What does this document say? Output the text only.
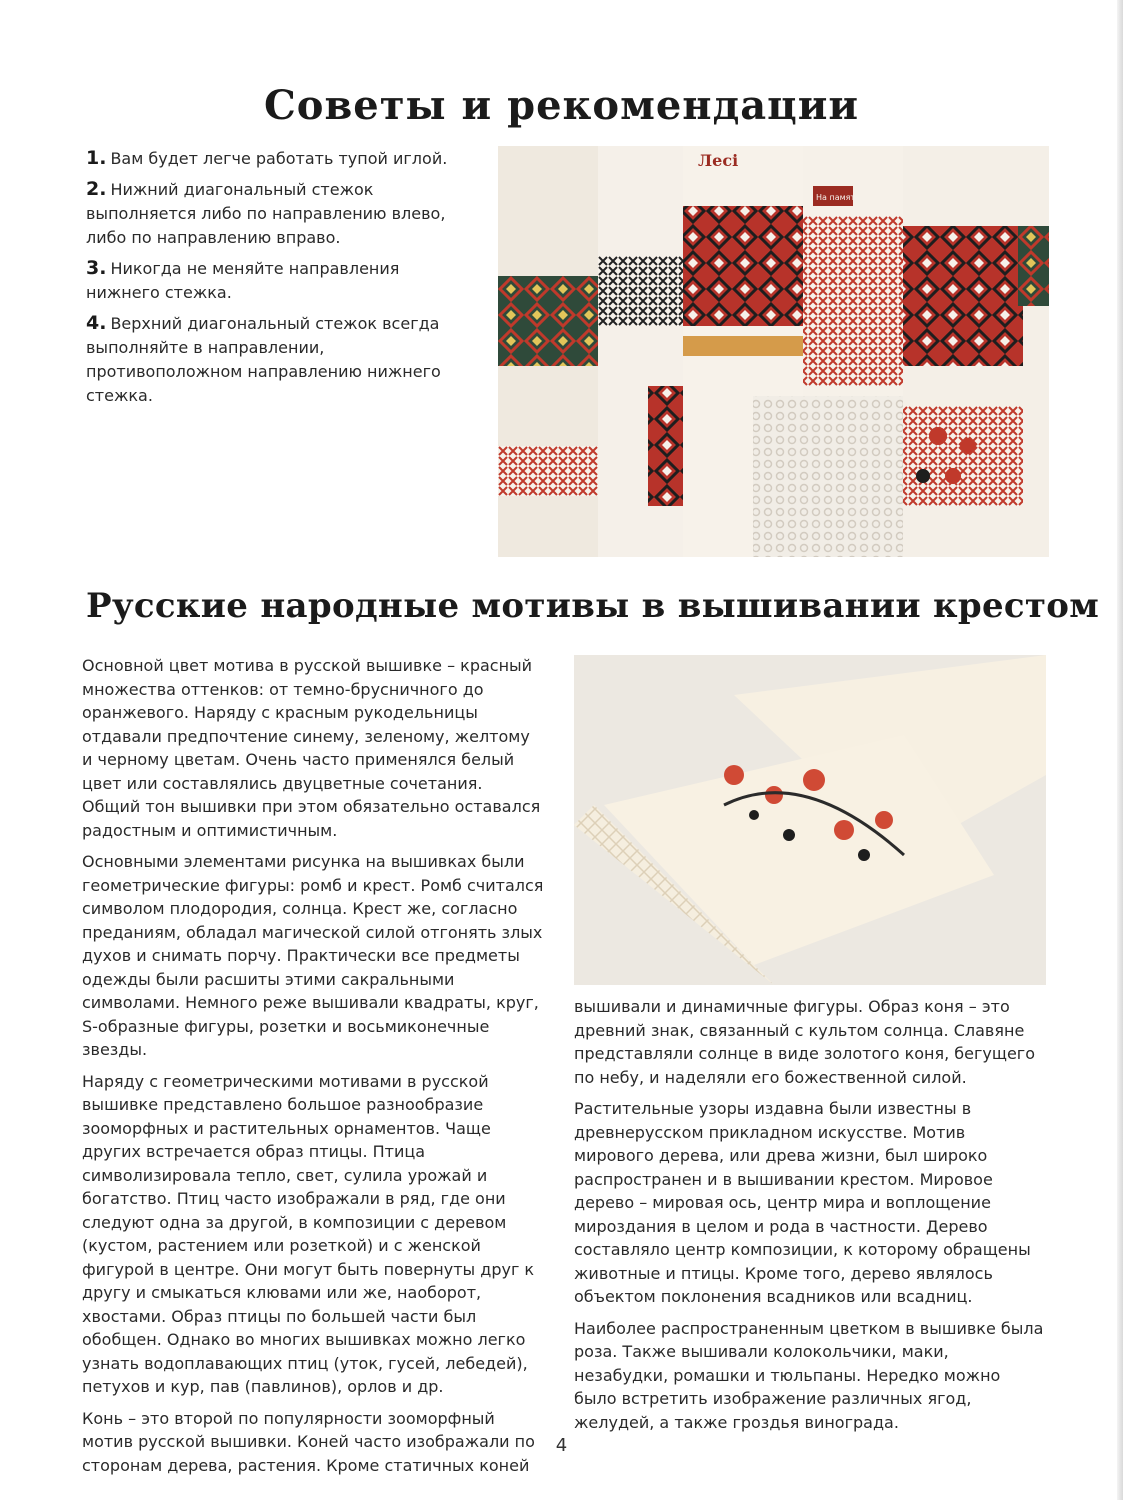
Советы и рекомендации

1. Вам будет легче работать тупой иглой.

2. Нижний диагональный стежок выполняется либо по направлению влево, либо по направлению вправо.

3. Никогда не меняйте направления нижнего стежка.

4. Верхний диагональный стежок всегда выполняйте в направлении, противоположном направлению нижнего стежка.

Лесі
На память
Русские народные мотивы в вышивании крестом

Основной цвет мотива в русской вышивке – красный множества оттенков: от темно-брусничного до оранжевого. Наряду с красным рукодельницы отдавали предпочтение синему, зеленому, желтому и черному цветам. Очень часто применялся белый цвет или составлялись двуцветные сочетания. Общий тон вышивки при этом обязательно оставался радостным и оптимистичным.

Основными элементами рисунка на вышивках были геометрические фигуры: ромб и крест. Ромб считался символом плодородия, солнца. Крест же, согласно преданиям, обладал магической силой отгонять злых духов и снимать порчу. Практически все предметы одежды были расшиты этими сакральными символами. Немного реже вышивали квадраты, круг, S-образные фигуры, розетки и восьмиконечные звезды.

Наряду с геометрическими мотивами в русской вышивке представлено большое разнообразие зооморфных и растительных орнаментов. Чаще других встречается образ птицы. Птица символизировала тепло, свет, сулила урожай и богатство. Птиц часто изображали в ряд, где они следуют одна за другой, в композиции с деревом (кустом, растением или розеткой) и с женской фигурой в центре. Они могут быть повернуты друг к другу и смыкаться клювами или же, наоборот, хвостами. Образ птицы по большей части был обобщен. Однако во многих вышивках можно легко узнать водоплавающих птиц (уток, гусей, лебедей), петухов и кур, пав (павлинов), орлов и др.

Конь – это второй по популярности зооморфный мотив русской вышивки. Коней часто изображали по сторонам дерева, растения. Кроме статичных коней

вышивали и динамичные фигуры. Образ коня – это древний знак, связанный с культом солнца. Славяне представляли солнце в виде золотого коня, бегущего по небу, и наделяли его божественной силой.

Растительные узоры издавна были известны в древнерусском прикладном искусстве. Мотив мирового дерева, или древа жизни, был широко распространен и в вышивании крестом. Мировое дерево – мировая ось, центр мира и воплощение мироздания в целом и рода в частности. Дерево составляло центр композиции, к которому обращены животные и птицы. Кроме того, дерево являлось объектом поклонения всадников или всадниц.

Наиболее распространенным цветком в вышивке была роза. Также вышивали колокольчики, маки, незабудки, ромашки и тюльпаны. Нередко можно было встретить изображение различных ягод, желудей, а также гроздья винограда.

4
